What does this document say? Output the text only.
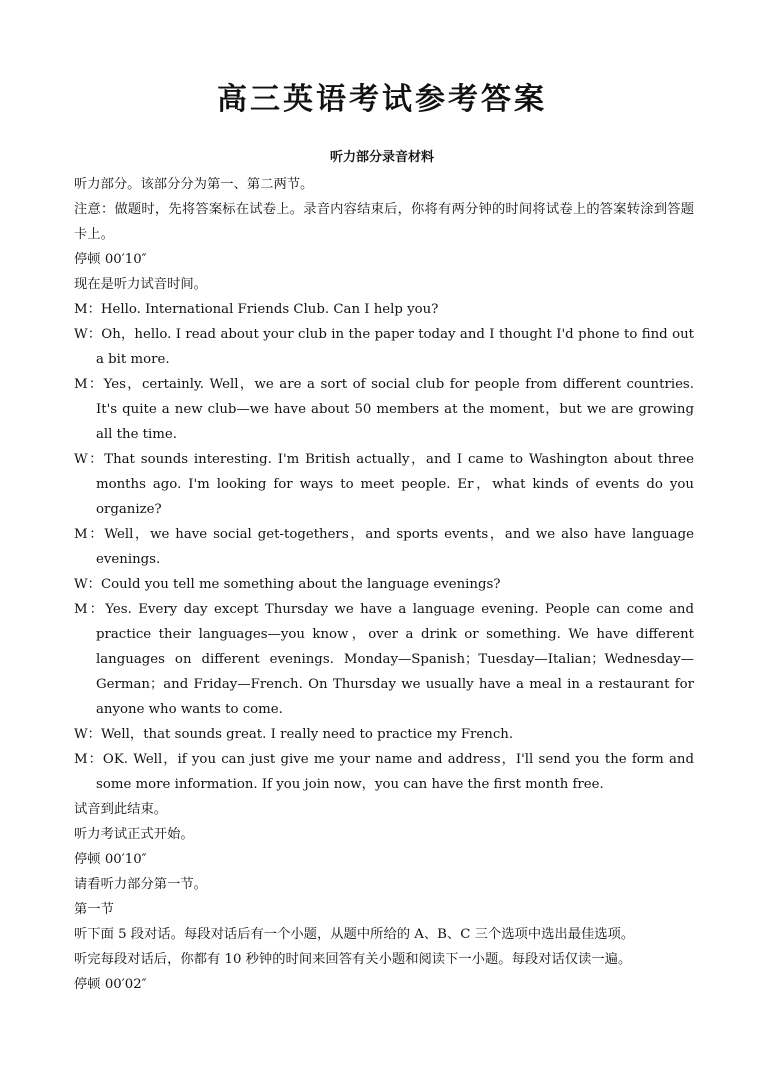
高三英语考试参考答案
听力部分录音材料

听力部分。该部分分为第一、第二两节。

注意：做题时，先将答案标在试卷上。录音内容结束后，你将有两分钟的时间将试卷上的答案转涂到答题卡上。

停顿 00′10″

现在是听力试音时间。

M：Hello. International Friends Club. Can I help you?

W：Oh，hello. I read about your club in the paper today and I thought I'd phone to find out a bit more.

M：Yes，certainly. Well，we are a sort of social club for people from different countries. It's quite a new club—we have about 50 members at the moment，but we are growing all the time.

W：That sounds interesting. I'm British actually，and I came to Washington about three months ago. I'm looking for ways to meet people. Er，what kinds of events do you organize?

M：Well，we have social get-togethers，and sports events，and we also have language evenings.

W：Could you tell me something about the language evenings?

M：Yes. Every day except Thursday we have a language evening. People can come and practice their languages—you know，over a drink or something. We have different languages on different evenings. Monday—Spanish；Tuesday—Italian；Wednesday—German；and Friday—French. On Thursday we usually have a meal in a restaurant for anyone who wants to come.

W：Well，that sounds great. I really need to practice my French.

M：OK. Well，if you can just give me your name and address，I'll send you the form and some more information. If you join now，you can have the first month free.

试音到此结束。

听力考试正式开始。

停顿 00′10″

请看听力部分第一节。

第一节

听下面 5 段对话。每段对话后有一个小题，从题中所给的 A、B、C 三个选项中选出最佳选项。

听完每段对话后，你都有 10 秒钟的时间来回答有关小题和阅读下一小题。每段对话仅读一遍。

停顿 00′02″
